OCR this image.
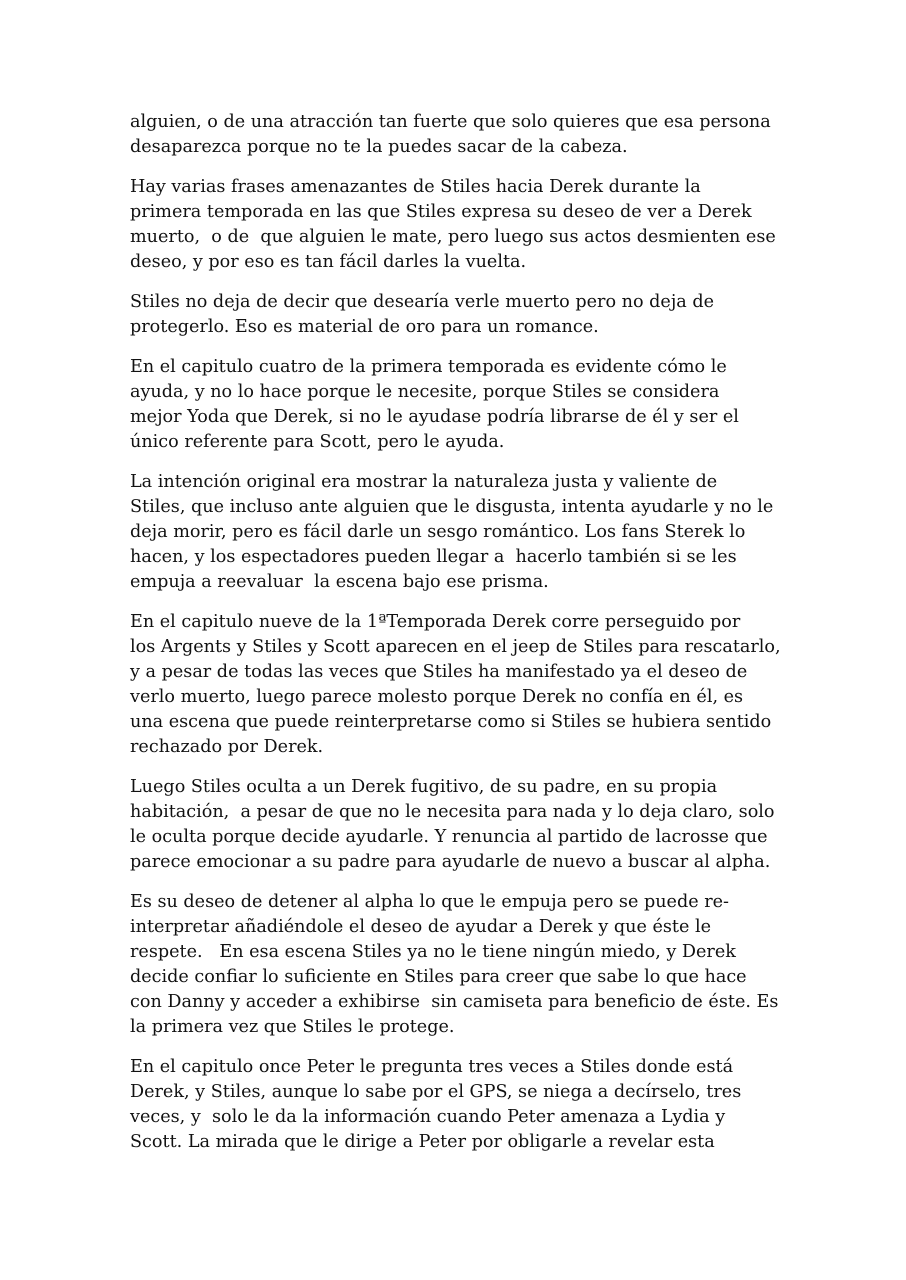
alguien, o de una atracción tan fuerte que solo quieres que esa persona
desaparezca porque no te la puedes sacar de la cabeza.

Hay varias frases amenazantes de Stiles hacia Derek durante la
primera temporada en las que Stiles expresa su deseo de ver a Derek
muerto,  o de  que alguien le mate, pero luego sus actos desmienten ese
deseo, y por eso es tan fácil darles la vuelta.

Stiles no deja de decir que desearía verle muerto pero no deja de
protegerlo. Eso es material de oro para un romance.

En el capitulo cuatro de la primera temporada es evidente cómo le
ayuda, y no lo hace porque le necesite, porque Stiles se considera
mejor Yoda que Derek, si no le ayudase podría librarse de él y ser el
único referente para Scott, pero le ayuda.

La intención original era mostrar la naturaleza justa y valiente de
Stiles, que incluso ante alguien que le disgusta, intenta ayudarle y no le
deja morir, pero es fácil darle un sesgo romántico. Los fans Sterek lo
hacen, y los espectadores pueden llegar a  hacerlo también si se les
empuja a reevaluar  la escena bajo ese prisma.

En el capitulo nueve de la 1ªTemporada Derek corre perseguido por
los Argents y Stiles y Scott aparecen en el jeep de Stiles para rescatarlo,
y a pesar de todas las veces que Stiles ha manifestado ya el deseo de
verlo muerto, luego parece molesto porque Derek no confía en él, es
una escena que puede reinterpretarse como si Stiles se hubiera sentido
rechazado por Derek.

Luego Stiles oculta a un Derek fugitivo, de su padre, en su propia
habitación,  a pesar de que no le necesita para nada y lo deja claro, solo
le oculta porque decide ayudarle. Y renuncia al partido de lacrosse que
parece emocionar a su padre para ayudarle de nuevo a buscar al alpha.

Es su deseo de detener al alpha lo que le empuja pero se puede re-
interpretar añadiéndole el deseo de ayudar a Derek y que éste le
respete.   En esa escena Stiles ya no le tiene ningún miedo, y Derek
decide confiar lo suficiente en Stiles para creer que sabe lo que hace
con Danny y acceder a exhibirse  sin camiseta para beneficio de éste. Es
la primera vez que Stiles le protege.

En el capitulo once Peter le pregunta tres veces a Stiles donde está
Derek, y Stiles, aunque lo sabe por el GPS, se niega a decírselo, tres
veces, y  solo le da la información cuando Peter amenaza a Lydia y
Scott. La mirada que le dirige a Peter por obligarle a revelar esta
